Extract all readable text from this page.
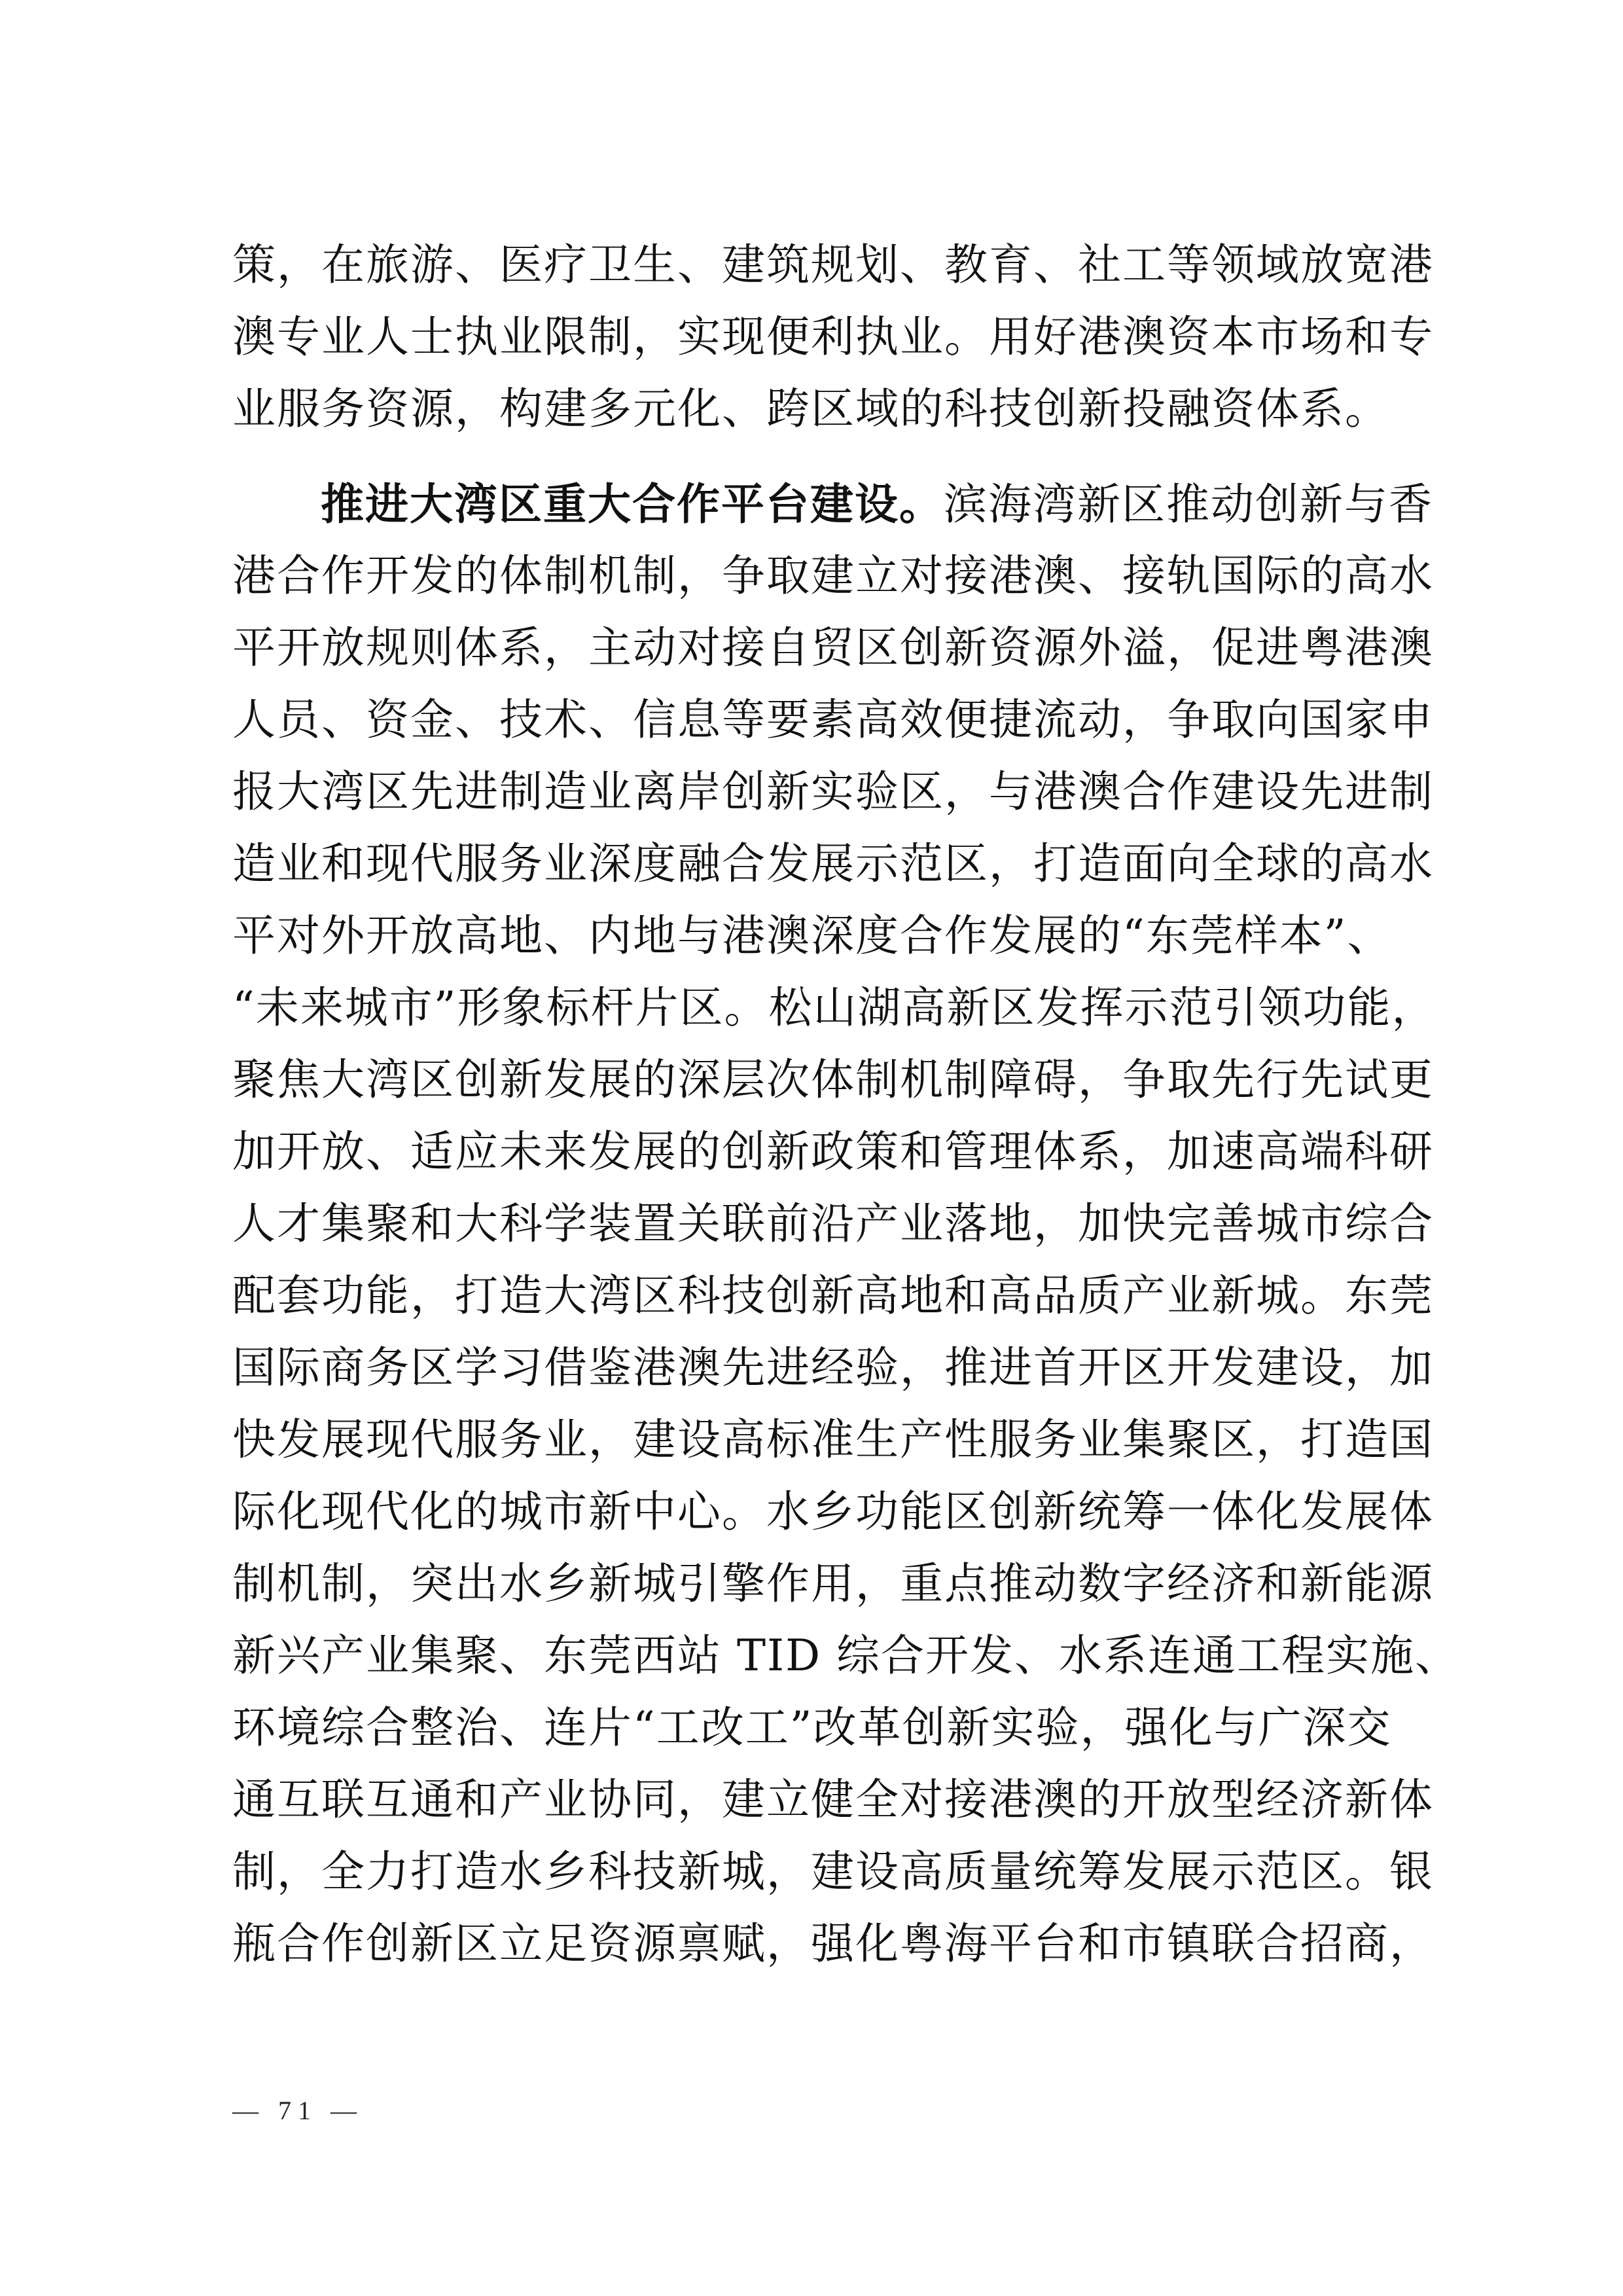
策，在旅游、医疗卫生、建筑规划、教育、社工等领域放宽港
澳专业人士执业限制，实现便利执业。用好港澳资本市场和专
业服务资源，构建多元化、跨区域的科技创新投融资体系。
推进大湾区重大合作平台建设。滨海湾新区推动创新与香
港合作开发的体制机制，争取建立对接港澳、接轨国际的高水
平开放规则体系，主动对接自贸区创新资源外溢，促进粤港澳
人员、资金、技术、信息等要素高效便捷流动，争取向国家申
报大湾区先进制造业离岸创新实验区，与港澳合作建设先进制
造业和现代服务业深度融合发展示范区，打造面向全球的高水
平对外开放高地、内地与港澳深度合作发展的“东莞样本”、
“未来城市”形象标杆片区。松山湖高新区发挥示范引领功能，
聚焦大湾区创新发展的深层次体制机制障碍，争取先行先试更
加开放、适应未来发展的创新政策和管理体系，加速高端科研
人才集聚和大科学装置关联前沿产业落地，加快完善城市综合
配套功能，打造大湾区科技创新高地和高品质产业新城。东莞
国际商务区学习借鉴港澳先进经验，推进首开区开发建设，加
快发展现代服务业，建设高标准生产性服务业集聚区，打造国
际化现代化的城市新中心。水乡功能区创新统筹一体化发展体
制机制，突出水乡新城引擎作用，重点推动数字经济和新能源
新兴产业集聚、东莞西站 TID 综合开发、水系连通工程实施、
环境综合整治、连片“工改工”改革创新实验，强化与广深交
通互联互通和产业协同，建立健全对接港澳的开放型经济新体
制，全力打造水乡科技新城，建设高质量统筹发展示范区。银
瓶合作创新区立足资源禀赋，强化粤海平台和市镇联合招商，
— 71 —
